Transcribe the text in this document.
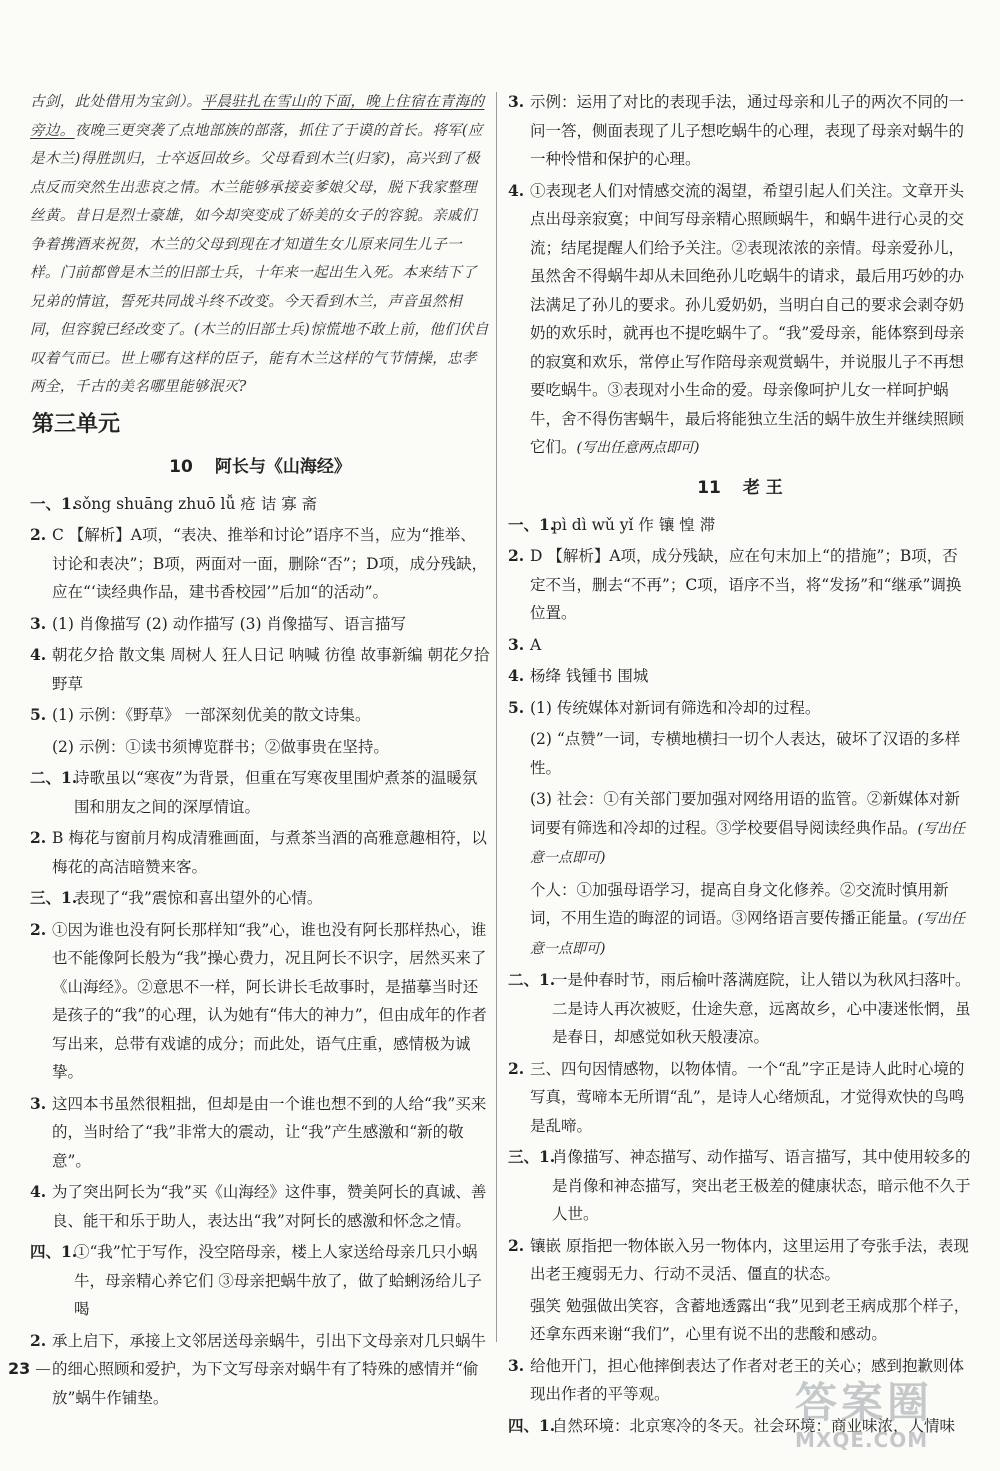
古剑，此处借用为宝剑）。平晨驻扎在雪山的下面，晚上住宿在青海的旁边。夜晚三更突袭了点地部族的部落，抓住了于谟的首长。将军(应是木兰)得胜凯归，士卒返回故乡。父母看到木兰(归家)，高兴到了极点反而突然生出悲哀之情。木兰能够承接妾爹娘父母，脱下我家整理丝黄。昔日是烈士豪雄，如今却突变成了娇美的女子的容貌。亲戚们争着携酒来祝贺，木兰的父母到现在才知道生女儿原来同生儿子一样。门前都曾是木兰的旧部士兵，十年来一起出生入死。本来结下了兄弟的情谊，誓死共同战斗终不改变。今天看到木兰，声音虽然相同，但容貌已经改变了。(木兰的旧部士兵)惊慌地不敢上前，他们伏自叹着气而已。世上哪有这样的臣子，能有木兰这样的气节情操，忠孝两全，千古的美名哪里能够泯灭?

第三单元
10 阿长与《山海经》
一、1.
sǒng shuāng zhuō lǚ 疮 诘 寡 斋
2. C 【解析】A项，“表决、推举和讨论”语序不当，应为“推举、讨论和表决”；B项，两面对一面，删除“否”；D项，成分残缺，应在“‘读经典作品，建书香校园’”后加“的活动”。
3. (1) 肖像描写 (2) 动作描写 (3) 肖像描写、语言描写
4. 朝花夕拾 散文集 周树人 狂人日记 呐喊 彷徨 故事新编 朝花夕拾 野草
5. (1) 示例：《野草》 一部深刻优美的散文诗集。
(2) 示例：①读书须博览群书；②做事贵在坚持。
二、1.
诗歌虽以“寒夜”为背景，但重在写寒夜里围炉煮茶的温暖氛围和朋友之间的深厚情谊。
2. B 梅花与窗前月构成清雅画面，与煮茶当酒的高雅意趣相符，以梅花的高洁暗赞来客。
三、1.
表现了“我”震惊和喜出望外的心情。
2. ①因为谁也没有阿长那样知“我”心，谁也没有阿长那样热心，谁也不能像阿长般为“我”操心费力，况且阿长不识字，居然买来了《山海经》。②意思不一样，阿长讲长毛故事时，是描摹当时还是孩子的“我”的心理，认为她有“伟大的神力”，但由成年的作者写出来，总带有戏谑的成分；而此处，语气庄重，感情极为诚挚。
3. 这四本书虽然很粗拙，但却是由一个谁也想不到的人给“我”买来的，当时给了“我”非常大的震动，让“我”产生感激和“新的敬意”。
4. 为了突出阿长为“我”买《山海经》这件事，赞美阿长的真诚、善良、能干和乐于助人，表达出“我”对阿长的感激和怀念之情。
四、1.
①“我”忙于写作，没空陪母亲，楼上人家送给母亲几只小蜗牛，母亲精心养它们 ③母亲把蜗牛放了，做了蛤蜊汤给儿子喝
2. 承上启下，承接上文邻居送母亲蜗牛，引出下文母亲对几只蜗牛的细心照顾和爱护，为下文写母亲对蜗牛有了特殊的感情并“偷放”蜗牛作铺垫。
3. 示例：运用了对比的表现手法，通过母亲和儿子的两次不同的一问一答，侧面表现了儿子想吃蜗牛的心理，表现了母亲对蜗牛的一种怜惜和保护的心理。
4. ①表现老人们对情感交流的渴望，希望引起人们关注。文章开头点出母亲寂寞；中间写母亲精心照顾蜗牛，和蜗牛进行心灵的交流；结尾提醒人们给予关注。②表现浓浓的亲情。母亲爱孙儿，虽然舍不得蜗牛却从未回绝孙儿吃蜗牛的请求，最后用巧妙的办法满足了孙儿的要求。孙儿爱奶奶，当明白自己的要求会剥夺奶奶的欢乐时，就再也不提吃蜗牛了。“我”爱母亲，能体察到母亲的寂寞和欢乐，常停止写作陪母亲观赏蜗牛，并说服儿子不再想要吃蜗牛。③表现对小生命的爱。母亲像呵护儿女一样呵护蜗牛，舍不得伤害蜗牛，最后将能独立生活的蜗牛放生并继续照顾它们。(写出任意两点即可)
11 老 王
一、1.
pì dì wǔ yǐ 作 镶 惶 滞
2. D 【解析】A项，成分残缺，应在句末加上“的措施”；B项，否定不当，删去“不再”；C项，语序不当，将“发扬”和“继承”调换位置。
3. A
4. 杨绛 钱锺书 围城
5. (1) 传统媒体对新词有筛选和冷却的过程。
(2) “点赞”一词，专横地横扫一切个人表达，破坏了汉语的多样性。
(3) 社会：①有关部门要加强对网络用语的监管。②新媒体对新词要有筛选和冷却的过程。③学校要倡导阅读经典作品。(写出任意一点即可)
个人：①加强母语学习，提高自身文化修养。②交流时慎用新词，不用生造的晦涩的词语。③网络语言要传播正能量。(写出任意一点即可)
二、1.
一是仲春时节，雨后榆叶落满庭院，让人错以为秋风扫落叶。二是诗人再次被贬，仕途失意，远离故乡，心中凄迷怅惘，虽是春日，却感觉如秋天般凄凉。
2. 三、四句因情感物，以物体情。一个“乱”字正是诗人此时心境的写真，莺啼本无所谓“乱”，是诗人心绪烦乱，才觉得欢快的鸟鸣是乱啼。
三、1.
肖像描写、神态描写、动作描写、语言描写，其中使用较多的是肖像和神态描写，突出老王极差的健康状态，暗示他不久于人世。
2. 镶嵌 原指把一物体嵌入另一物体内，这里运用了夸张手法，表现出老王瘦弱无力、行动不灵活、僵直的状态。
强笑 勉强做出笑容，含蓄地透露出“我”见到老王病成那个样子，还拿东西来谢“我们”，心里有说不出的悲酸和感动。
3. 给他开门，担心他摔倒表达了作者对老王的关心；感到抱歉则体现出作者的平等观。
四、1.
自然环境：北京寒冷的冬天。社会环境：商业味浓，人情味
23
答案圈
MXQE.COM
